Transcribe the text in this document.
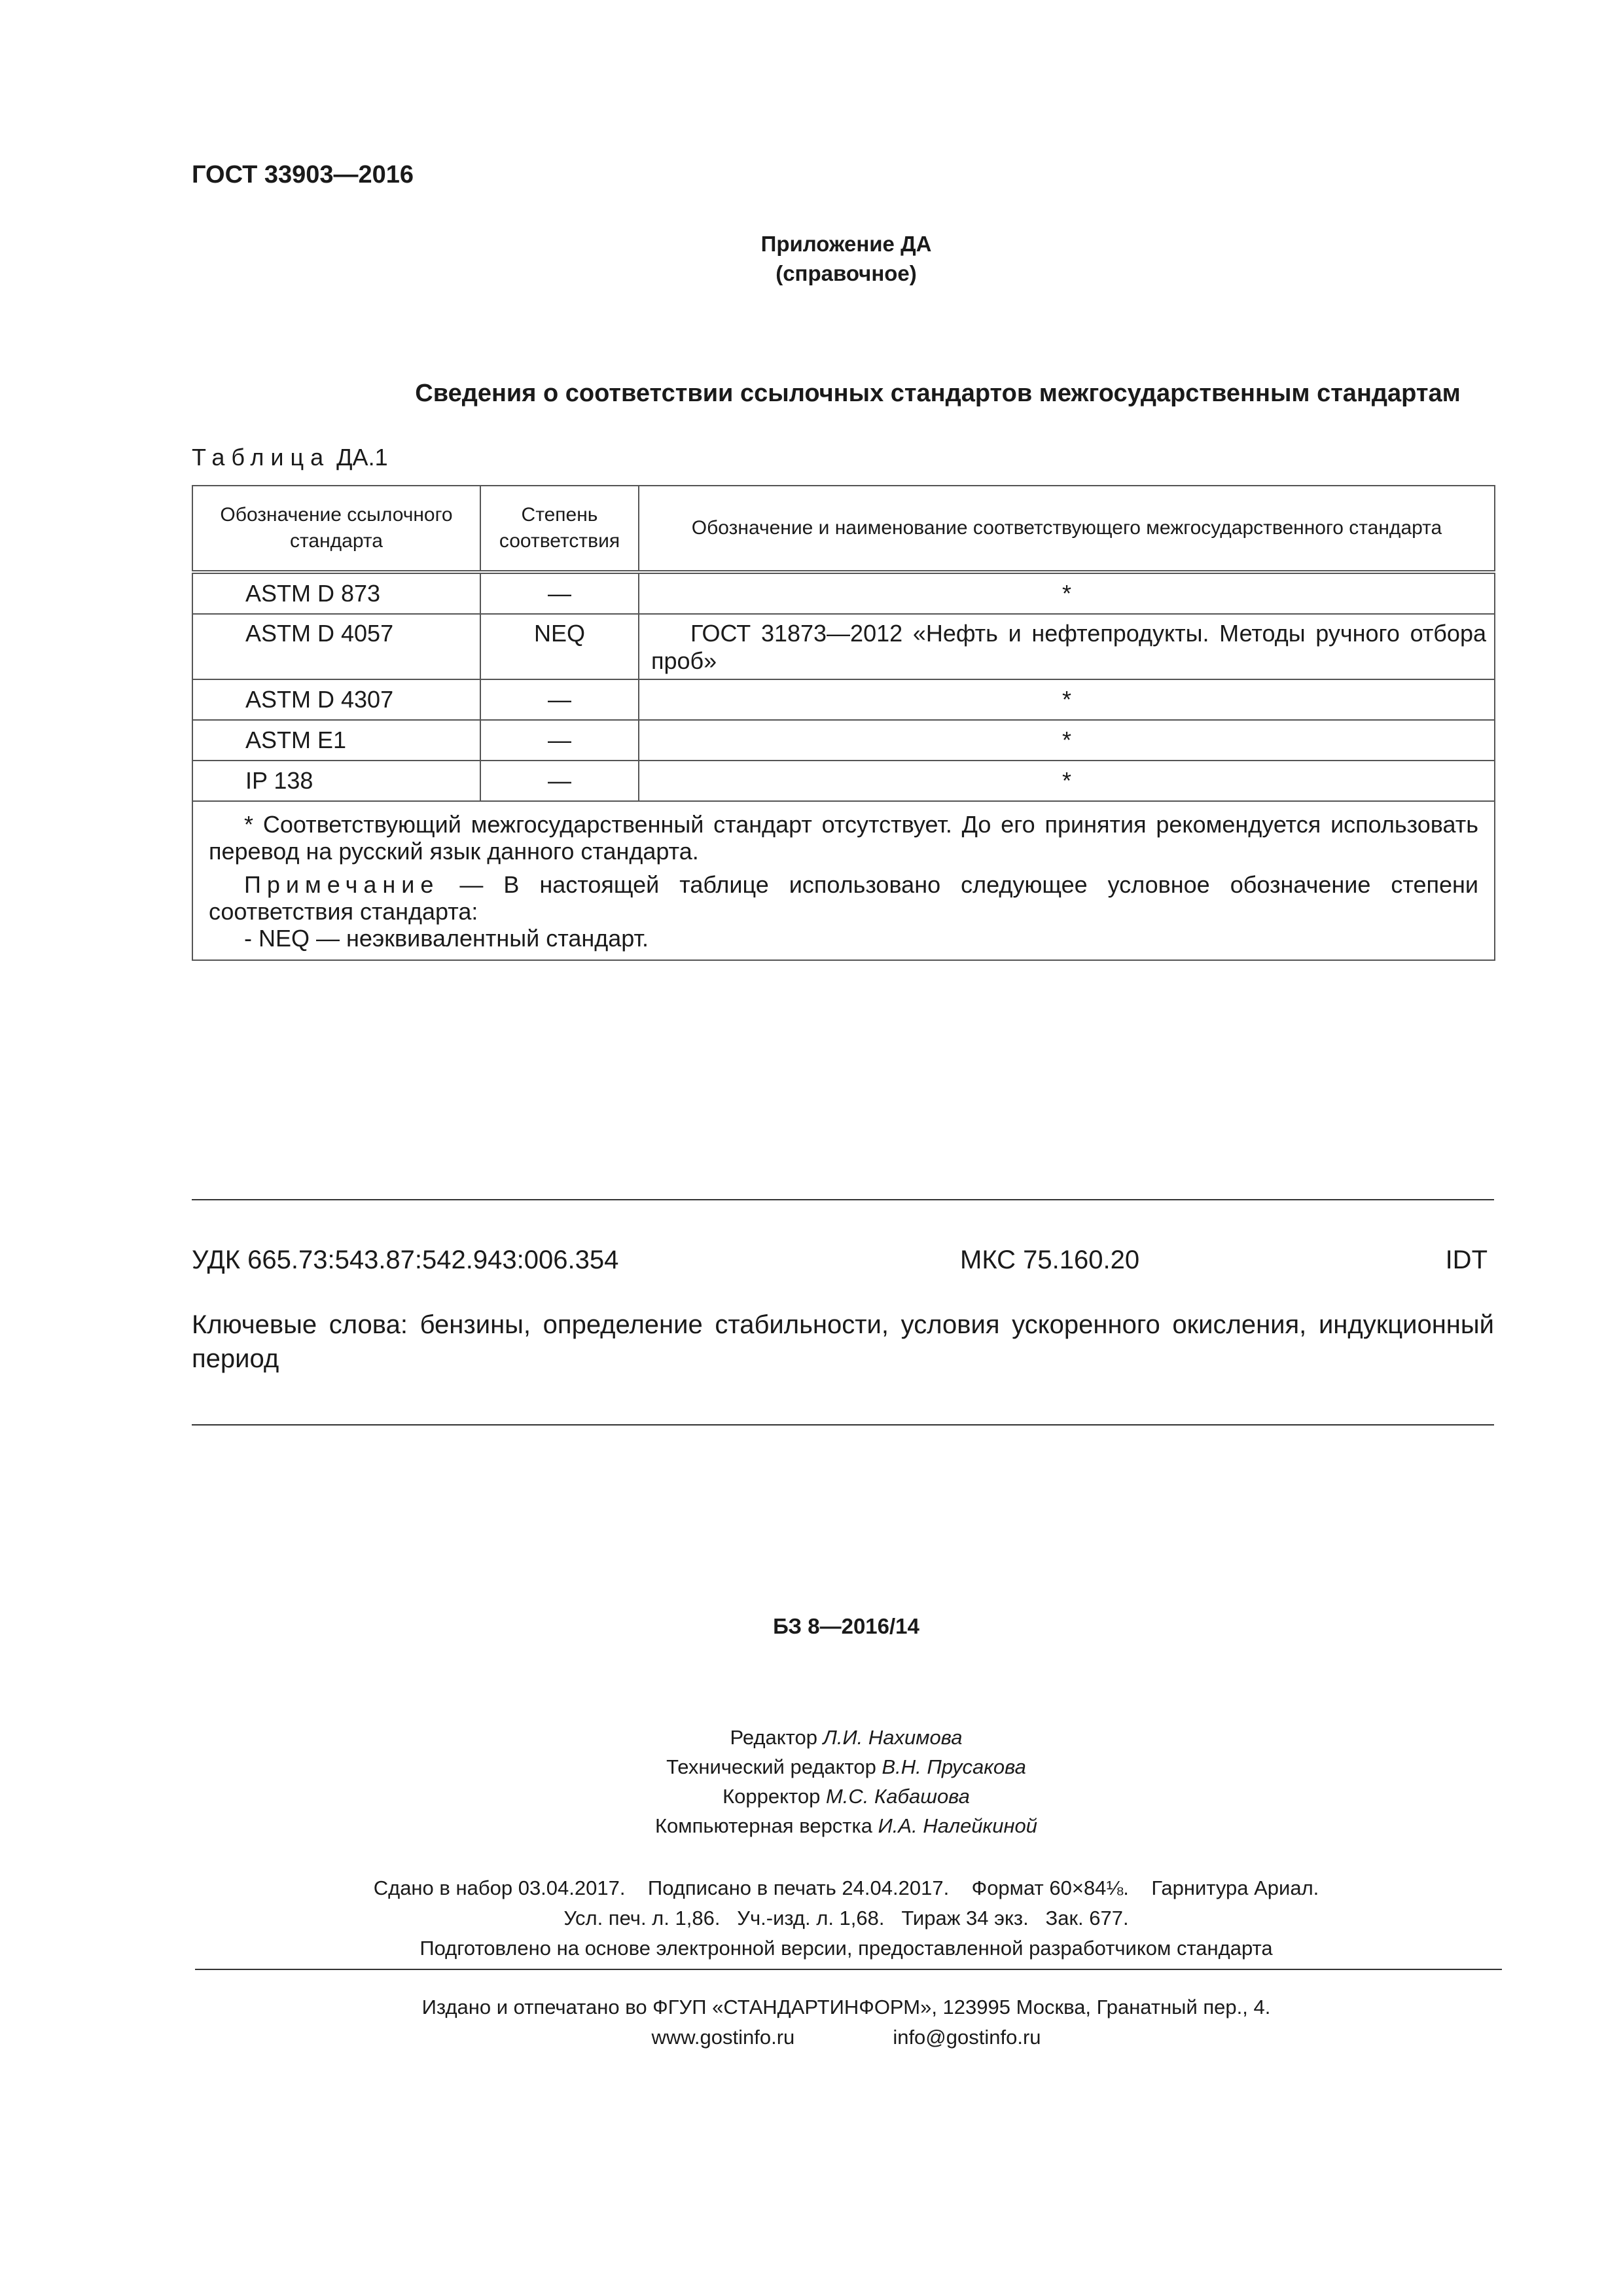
ГОСТ 33903—2016
Приложение ДА
(справочное)
Сведения о соответствии ссылочных стандартов межгосударственным стандартам
Таблица ДА.1
Обозначение ссылочного стандарта	Степень соответствия	Обозначение и наименование соответствующего межгосударственного стандарта
ASTM D 873	—	*
ASTM D 4057	NEQ	ГОСТ 31873—2012 «Нефть и нефтепродукты. Методы ручного отбора проб»
ASTM D 4307	—	*
ASTM E1	—	*
IP 138	—	*

* Соответствующий межгосударственный стандарт отсутствует. До его принятия рекомендуется использовать перевод на русский язык данного стандарта.

Примечание — В настоящей таблице использовано следующее условное обозначение степени соответствия стандарта:

- NEQ — неэквивалентный стандарт.		

УДК 665.73:543.87:542.943:006.354	МКС 75.160.20	IDT
Ключевые слова: бензины, определение стабильности, условия ускоренного окисления, индукционный период
БЗ 8—2016/14
Редактор Л.И. Нахимова
Технический редактор В.Н. Прусакова
Корректор М.С. Кабашова
Компьютерная верстка И.А. Налейкиной
Сдано в набор 03.04.2017.    Подписано в печать 24.04.2017.    Формат 60×84⅛.    Гарнитура Ариал.
Усл. печ. л. 1,86.   Уч.-изд. л. 1,68.   Тираж 34 экз.   Зак. 677.
Подготовлено на основе электронной версии, предоставленной разработчиком стандарта
Издано и отпечатано во ФГУП «СТАНДАРТИНФОРМ», 123995 Москва, Гранатный пер., 4.
www.gostinfo.ru	info@gostinfo.ru
